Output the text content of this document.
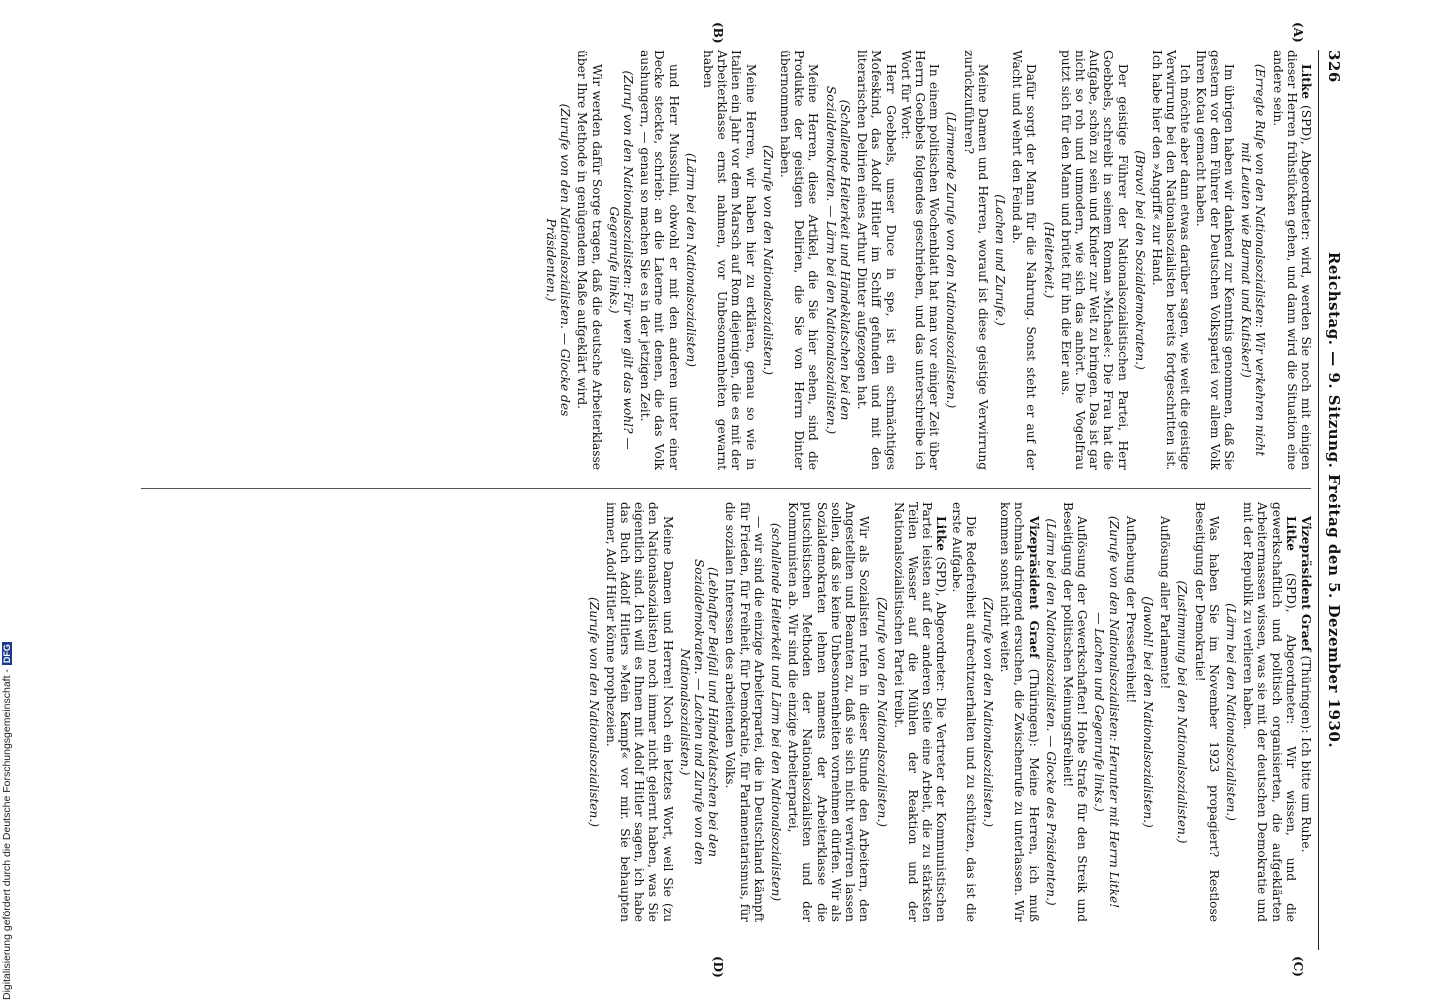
326
Reichstag. — 9. Sitzung. Freitag den 5. Dezember 1930.
(A)
(B)
(C)
(D)

Litke (SPD), Abgeordneter: wird, werden Sie noch mit einigen dieser Herren frühstücken gehen, und dann wird die Situation eine andere sein.

(Erregte Rufe von den Nationalsozialisten: Wir verkehren nicht mit Leuten wie Barmat und Kutisker!)

Im übrigen haben wir dankend zur Kenntnis genommen, daß Sie gestern vor dem Führer der Deutschen Volkspartei vor allem Volk Ihren Kotau gemacht haben.

Ich möchte aber dann etwas darüber sagen, wie weit die geistige Verwirrung bei den Nationalsozialisten bereits fortgeschritten ist. Ich habe hier den »Angriff« zur Hand.

(Bravo! bei den Sozialdemokraten.)

Der geistige Führer der Nationalsozialistischen Partei, Herr Goebbels, schreibt in seinem Roman »Michael«: Die Frau hat die Aufgabe, schön zu sein und Kinder zur Welt zu bringen. Das ist gar nicht so roh und unmodern, wie sich das anhört. Die Vogelfrau putzt sich für den Mann und brütet für ihn die Eier aus.

(Heiterkeit.)

Dafür sorgt der Mann für die Nahrung. Sonst steht er auf der Wacht und wehrt den Feind ab.

(Lachen und Zurufe.)

Meine Damen und Herren, worauf ist diese geistige Verwirrung zurückzuführen?

(Lärmende Zurufe von den Nationalsozialisten.)

In einem politischen Wochenblatt hat man vor einiger Zeit über Herrn Goebbels folgendes geschrieben, und das unterschreibe ich Wort für Wort:

Herr Goebbels, unser Duce in spe, ist ein schmächtiges Mofeskind, das Adolf Hitler im Schiff gefunden und mit den literarischen Delirien eines Arthur Dinter aufgezogen hat.

(Schallende Heiterkeit und Händeklatschen bei den Sozialdemokraten. — Lärm bei den Nationalsozialisten.)

Meine Herren, diese Artikel, die Sie hier sehen, sind die Produkte der geistigen Delirien, die Sie von Herrn Dinter übernommen haben.

(Zurufe von den Nationalsozialisten.)

Meine Herren, wir haben hier zu erklären, genau so wie in Italien ein Jahr vor dem Marsch auf Rom diejenigen, die es mit der Arbeiterklasse ernst nahmen, vor Unbesonnenheiten gewarnt haben

(Lärm bei den Nationalsozialisten)

und Herr Mussolini, obwohl er mit den anderen unter einer Decke steckte, schrieb: an die Laterne mit denen, die das Volk aushungern, — genau so machen Sie es in der jetzigen Zeit.

(Zuruf von den Nationalsozialisten: Für wen gilt das wohl? — Gegenrufe links.)

Wir werden dafür Sorge tragen, daß die deutsche Arbeiterklasse über Ihre Methode in genügendem Maße aufgeklärt wird.

(Zurufe von den Nationalsozialisten. — Glocke des Präsidenten.)

Vizepräsident Graef (Thüringen): Ich bitte um Ruhe.

Litke (SPD), Abgeordneter: Wir wissen, und die gewerkschaftlich und politisch organisierten, die aufgeklärten Arbeitermassen wissen, was sie mit der deutschen Demokratie und mit der Republik zu verlieren haben.

(Lärm bei den Nationalsozialisten.)

Was haben Sie im November 1923 propagiert? Restlose Beseitigung der Demokratie!

(Zustimmung bei den Nationalsozialisten.)

Auflösung aller Parlamente!

(Jawohl! bei den Nationalsozialisten.)

Aufhebung der Pressefreiheit!

(Zurufe von den Nationalsozialisten: Herunter mit Herrn Litke! — Lachen und Gegenrufe links.)

Auflösung der Gewerkschaften! Hohe Strafe für den Streik und Beseitigung der politischen Meinungsfreiheit!

(Lärm bei den Nationalsozialisten. — Glocke des Präsidenten.)

Vizepräsident Graef (Thüringen): Meine Herren, ich muß nochmals dringend ersuchen, die Zwischenrufe zu unterlassen. Wir kommen sonst nicht weiter.

(Zurufe von den Nationalsozialisten.)

Die Redefreiheit aufrechtzuerhalten und zu schützen, das ist die erste Aufgabe.

Litke (SPD), Abgeordneter: Die Vertreter der Kommunistischen Partei leisten auf der anderen Seite eine Arbeit, die zu stärksten Teilen Wasser auf die Mühlen der Reaktion und der Nationalsozialistischen Partei treibt.

(Zurufe von den Nationalsozialisten.)

Wir als Sozialisten rufen in dieser Stunde den Arbeitern, den Angestellten und Beamten zu, daß sie sich nicht verwirren lassen sollen, daß sie keine Unbesonnenheiten vornehmen dürfen. Wir als Sozialdemokraten lehnen namens der Arbeiterklasse die putschistischen Methoden der Nationalsozialisten und der Kommunisten ab. Wir sind die einzige Arbeiterpartei,

(schallende Heiterkeit und Lärm bei den Nationalsozialisten)

— wir sind die einzige Arbeiterpartei, die in Deutschland kämpft für Frieden, für Freiheit, für Demokratie, für Parlamentarismus, für die sozialen Interessen des arbeitenden Volks.

(Lebhafter Beifall und Händeklatschen bei den Sozialdemokraten. — Lachen und Zurufe von den Nationalsozialisten.)

Meine Damen und Herren! Noch ein letztes Wort, weil Sie (zu den Nationalsozialisten) noch immer nicht gelernt haben, was Sie eigentlich sind. Ich will es Ihnen mit Adolf Hitler sagen, ich habe das Buch Adolf Hitlers »Mein Kampf« vor mir. Sie behaupten immer, Adolf Hitler könne prophezeien.

(Zurufe von den Nationalsozialisten.)

Digitalisierung gefördert durch die Deutsche Forschungsgemeinschaft -DFG
